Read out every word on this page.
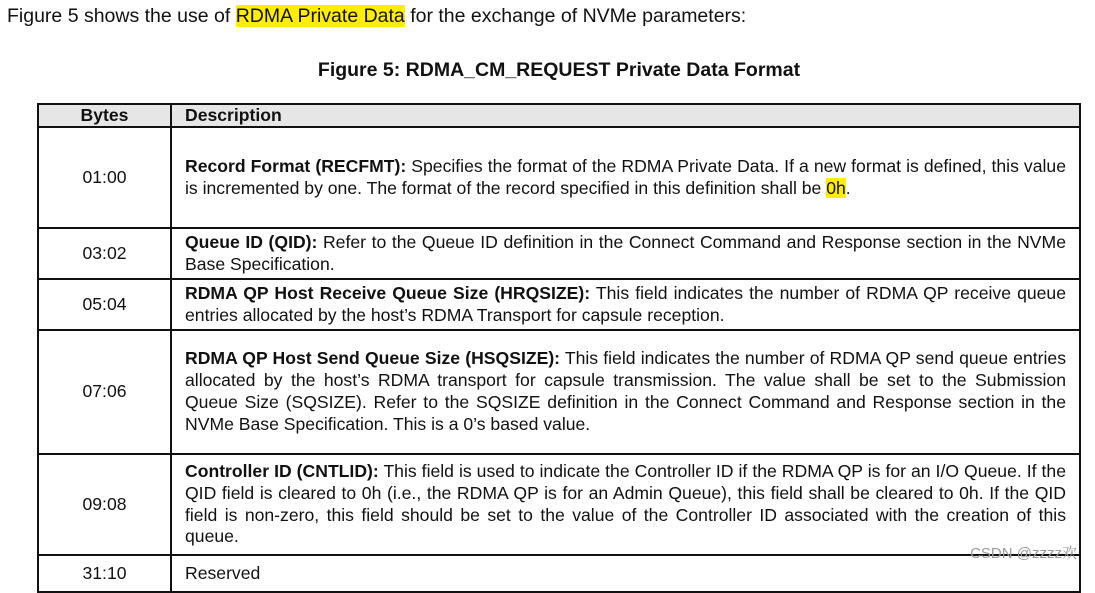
Figure 5 shows the use of RDMA Private Data for the exchange of NVMe parameters:

Figure 5: RDMA_CM_REQUEST Private Data Format
Bytes	Description
01:00	Record Format (RECFMT): Specifies the format of the RDMA Private Data. If a new format is defined, this value is incremented by one. The format of the record specified in this definition shall be 0h.
03:02	Queue ID (QID): Refer to the Queue ID definition in the Connect Command and Response section in the NVMe Base Specification.
05:04	RDMA QP Host Receive Queue Size (HRQSIZE): This field indicates the number of RDMA QP receive queue entries allocated by the host’s RDMA Transport for capsule reception.
07:06	RDMA QP Host Send Queue Size (HSQSIZE): This field indicates the number of RDMA QP send queue entries allocated by the host’s RDMA transport for capsule transmission. The value shall be set to the Submission Queue Size (SQSIZE). Refer to the SQSIZE definition in the Connect Command and Response section in the NVMe Base Specification. This is a 0’s based value.
09:08	Controller ID (CNTLID): This field is used to indicate the Controller ID if the RDMA QP is for an I/O Queue. If the QID field is cleared to 0h (i.e., the RDMA QP is for an Admin Queue), this field shall be cleared to 0h. If the QID field is non-zero, this field should be set to the value of the Controller ID associated with the creation of this queue.
31:10	Reserved
CSDN @zzzz欢
